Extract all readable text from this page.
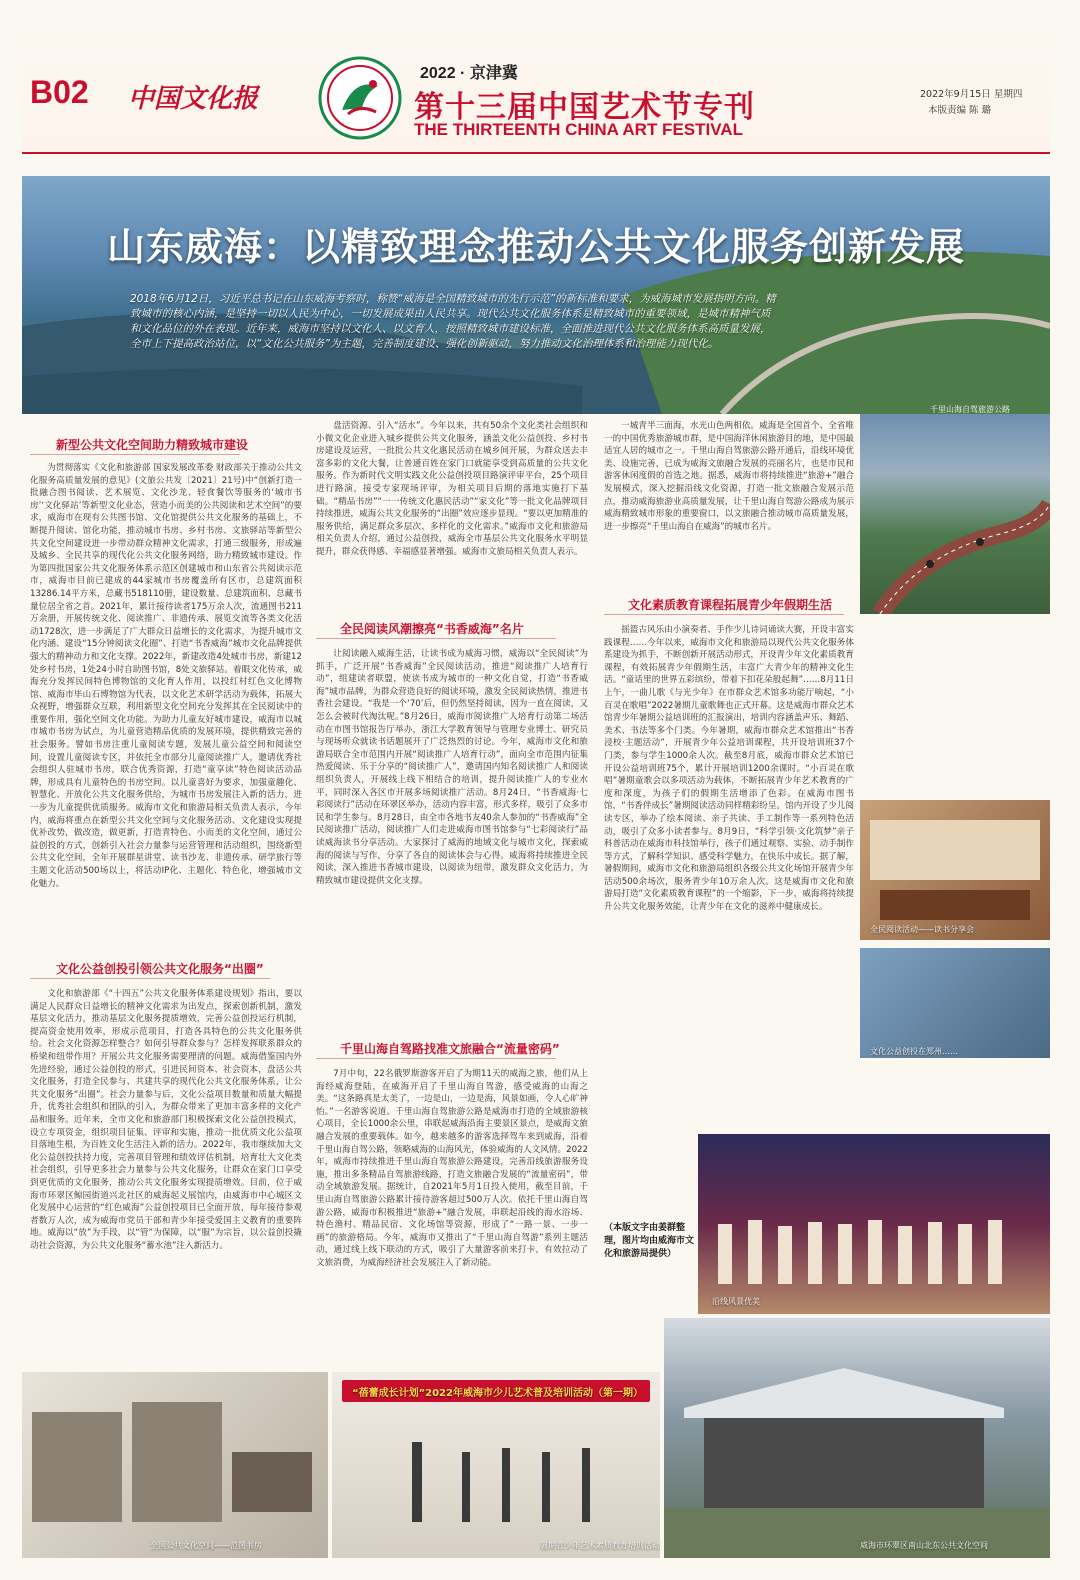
B02 中国文化报
2022 · 京津冀
第十三届中国艺术节专刊
THE THIRTEENTH CHINA ART FESTIVAL
2022年9月15日 星期四
本版责编 陈 璐
山东威海：以精致理念推动公共文化服务创新发展
2018年6月12日，习近平总书记在山东威海考察时，称赞“威海是全国精致城市的先行示范”的新标准和要求，为威海城市发展指明方向。精致城市的核心内涵，是坚持一切以人民为中心，一切发展成果由人民共享。现代公共文化服务体系是精致城市的重要领域，是城市精神气质和文化品位的外在表现。近年来，威海市坚持以文化人、以文育人，按照精致城市建设标准，全面推进现代公共文化服务体系高质量发展，全市上下提高政治站位，以“文化公共服务”为主题，完善制度建设、强化创新驱动，努力推动文化治理体系和治理能力现代化。
千里山海自驾旅游公路
新型公共文化空间助力精致城市建设

为贯彻落实《文化和旅游部 国家发展改革委 财政部关于推动公共文化服务高质量发展的意见》(文旅公共发〔2021〕21号)中“创新打造一批融合图书阅读、艺术展览、文化沙龙、轻食餐饮等服务的‘城市书房’‘文化驿站’等新型文化业态，营造小而美的公共阅读和艺术空间”的要求，威海市在现有公共图书馆、文化馆提供公共文化服务的基础上，不断提升阅读、馆化功能，推动城市书房、乡村书房、文旅驿站等新型公共文化空间建设进一步带动群众精神文化需求，打通三级服务，形成遍及城乡、全民共享的现代化公共文化服务网络，助力精致城市建设。作为第四批国家公共文化服务体系示范区创建城市和山东省公共阅读示范市，威海市目前已建成的44家城市书房覆盖所有区市，总建筑面积13286.14平方米，总藏书518110册，建设数量、总建筑面积、总藏书量位居全省之首。2021年，累计接待读者175万余人次，流通图书211万余册，开展传统文化、阅读推广、非遗传承、展览交流等各类文化活动1728次，进一步满足了广大群众日益增长的文化需求，为提升城市文化内涵、建设“15分钟阅读文化圈”、打造“书香威海”城市文化品牌提供强大的精神动力和文化支撑。2022年，新建改造4处城市书房，新建12处乡村书房，1处24小时自助图书馆，8处文旅驿站。着眼文化传承，威海充分发挥民间特色博物馆的文化育人作用，以投红村红色文化博物馆、威海市毕山石博物馆为代表，以文化艺术研学活动为载体，拓展大众视野，增强群众互联，利用新型文化空间充分发挥其在全民阅读中的重要作用，强化空间文化功能。为助力儿童友好城市建设，威海市以城市城市书房为试点，为儿童营造精品优质的发展环境，提供精致完善的社会服务。譬如书房注重儿童阅读专题，发展儿童公益空间和阅读空间，设置儿童阅读专区，并依托全市部分儿童阅读推广人，邀请优秀社会组织人驻城市书房，联合优秀资源，打造“童享读”特色阅读活动品牌，形成具有儿童特色的书房空间。以儿童喜好为要求，加强童趣化、智慧化、开放化公共文化服务供给，为城市书房发展注入新的活力，进一步为儿童提供优质服务。威海市文化和旅游局相关负责人表示，今年内，威海将重点在新型公共文化空间与文化服务活动、文化建设实现提优补改势，做改造，做更新，打造青特色、小而美的文化空间，通过公益创投的方式，创新引入社会力量参与运营管理和活动组织，围绕新型公共文化空间，全年开展群星讲堂、读书沙龙、非遗传承、研学旅行等主题文化活动500场以上，将活动IP化、主题化、特色化，增强城市文化魅力。

文化公益创投引领公共文化服务“出圈”

文化和旅游部《“十四五”公共文化服务体系建设规划》指出，要以满足人民群众日益增长的精神文化需求为出发点，探索创新机制，激发基层文化活力，推动基层文化服务提质增效，完善公益创投运行机制，提高资金使用效率，形成示范项目，打造各具特色的公共文化服务供给。社会文化资源怎样整合？如何引导群众参与？怎样发挥联系群众的桥梁和纽带作用？开展公共文化服务需要理清的问题。威海借鉴国内外先进经验，通过公益创投的形式，引进民间资本、社会资本，盘活公共文化服务，打造全民参与、共建共享的现代化公共文化服务体系，让公共文化服务“出圈”。社会力量参与后，文化公益项目数量和质量大幅提升，优秀社会组织和团队的引入，为群众带来了更加丰富多样的文化产品和服务。近年来，全市文化和旅游部门积极探索文化公益创投模式，设立专项资金，组织项目征集、评审和实施，推动一批优质文化公益项目落地生根，为百姓文化生活注入新的活力。2022年，我市继续加大文化公益创投扶持力度，完善项目管理和绩效评估机制，培育壮大文化类社会组织，引导更多社会力量参与公共文化服务，让群众在家门口享受到更优质的文化服务，推动公共文化服务实现提质增效。目前，位于威海市环翠区鲸园街道兴北社区的威海起义展馆内，由威海市中心城区文化发展中心运营的“红色威海”公益创投项目已全面开放，每年接待参观者数万人次，成为威海市党员干部和青少年接受爱国主义教育的重要阵地。威海以“放”为手段，以“管”为保障，以“服”为宗旨，以公益创投撬动社会资源，为公共文化服务“蓄水池”注入新活力。

盘活资源、引入“活水”。今年以来，共有50余个文化类社会组织和小微文化企业进入城乡提供公共文化服务，涵盖文化公益创投、乡村书房建设及运营，一批批公共文化惠民活动在城乡间开展，为群众送去丰富多彩的文化大餐，让普通百姓在家门口就能享受到高质量的公共文化服务。作为新时代文明实践文化公益创投项目路演评审平台，25个项目进行路演，接受专家现场评审，为相关项目后期的落地实施打下基础。“精品书房”“一一传统文化惠民活动”“家文化”等一批文化品牌项目持续推进，威海公共文化服务的“出圈”效应逐步显现。“要以更加精准的服务供给，满足群众多层次、多样化的文化需求。”威海市文化和旅游局相关负责人介绍，通过公益创投，威海全市基层公共文化服务水平明显提升，群众获得感、幸福感显著增强。威海市文旅局相关负责人表示。

全民阅读风潮擦亮“书香威海”名片

让阅读融入威海生活，让读书成为威海习惯，威海以“全民阅读”为抓手，广泛开展“书香威海”全民阅读活动，推进“阅读推广人培育行动”，组建读者联盟，使读书成为城市的一种文化自觉，打造“书香威海”城市品牌，为群众营造良好的阅读环境，激发全民阅读热情，推进书香社会建设。“我是一个‘70’后，但仍然坚持阅读，因为一直在阅读，又怎么会被时代淘汰呢。”8月26日，威海市阅读推广人培育行动第二场活动在市图书馆报告厅举办，浙江大学教育领导与管理专业博士、研究员与现场听众就读书话题展开了广泛热烈的讨论。今年，威海市文化和旅游局联合全市范围内开展“阅读推广人培育行动”，面向全市范围内征集热爱阅读、乐于分享的“阅读推广人”，邀请国内知名阅读推广人和阅读组织负责人，开展线上线下相结合的培训，提升阅读推广人的专业水平，同时深入各区市开展多场阅读推广活动。8月24日，“书香威海·七彩阅读行”活动在环翠区举办，活动内容丰富，形式多样，吸引了众多市民和学生参与。8月28日，由全市各地书友40余人参加的“书香威海”全民阅读推广活动，阅读推广人们走进威海市图书馆参与“七彩阅读行”品读威海读书分享活动。大家探讨了威海的地域文化与城市文化，探索威海的阅读与写作，分享了各自的阅读体会与心得。威海将持续推进全民阅读，深入推进书香城市建设，以阅读为纽带，激发群众文化活力，为精致城市建设提供文化支撑。

千里山海自驾路找准文旅融合“流量密码”

7月中旬，22名俄罗斯游客开启了为期11天的威海之旅，他们从上海经威海登陆，在威海开启了千里山海自驾游，感受威海的山海之美。“这条路真是太美了，一边是山，一边是海，风景如画，令人心旷神怡。”一名游客说道。千里山海自驾旅游公路是威海市打造的全域旅游核心项目，全长1000余公里，串联起威海沿海主要景区景点，是威海文旅融合发展的重要载体。如今，越来越多的游客选择驾车来到威海，沿着千里山海自驾公路，领略威海的山海风光，体验威海的人文风情。2022年，威海市持续推进千里山海自驾旅游公路建设，完善沿线旅游服务设施，推出多条精品自驾旅游线路，打造文旅融合发展的“流量密码”，带动全域旅游发展。据统计，自2021年5月1日投入使用，截至目前，千里山海自驾旅游公路累计接待游客超过500万人次。依托千里山海自驾游公路，威海市积极推进“旅游+”融合发展，串联起沿线的海水浴场、特色渔村、精品民宿、文化场馆等资源，形成了“一路一景、一步一画”的旅游格局。今年，威海市又推出了“千里山海自驾游”系列主题活动，通过线上线下联动的方式，吸引了大量游客前来打卡，有效拉动了文旅消费，为威海经济社会发展注入了新动能。

一城青半三面海，水光山色两相依。威海是全国首个、全省唯一的中国优秀旅游城市群，是中国海洋休闲旅游目的地，是中国最适宜人居的城市之一。千里山海自驾旅游公路开通后，沿线环境优美、设施完善，已成为威海文旅融合发展的亮丽名片，也是市民和游客休闲度假的首选之地。据悉，威海市将持续推进“旅游+”融合发展模式，深入挖掘沿线文化资源，打造一批文旅融合发展示范点，推动威海旅游业高质量发展，让千里山海自驾游公路成为展示威海精致城市形象的重要窗口，以文旅融合推动城市高质量发展，进一步擦亮“千里山海自在威海”的城市名片。

文化素质教育课程拓展青少年假期生活

摇篮古风乐由小演奏者、手作少儿诗词诵读大赛，开设丰富实践课程……今年以来，威海市文化和旅游局以现代公共文化服务体系建设为抓手，不断创新开展活动形式，开设青少年文化素质教育课程，有效拓展青少年假期生活，丰富广大青少年的精神文化生活。“童话里的世界五彩缤纷，带着下扣花朵般起舞”……8月11日上午，一曲儿歌《与光少年》在市群众艺术馆多功能厅响起，“小百灵在歌唱”2022暑期儿童歌舞也正式开幕。这是威海市群众艺术馆青少年暑期公益培训班的汇报演出，培训内容涵盖声乐、舞蹈、美术、书法等多个门类。今年暑期，威海市群众艺术馆推出“书香浸校·主题活动”，开展青少年公益培训课程，共开设培训班37个门类，参与学生1000余人次。截至8月底，威海市群众艺术馆已开设公益培训班75个，累计开展培训1200余课时。“小百灵在歌唱”暑期童歌会以多项活动为载体，不断拓展青少年艺术教育的广度和深度，为孩子们的假期生活增添了色彩。在威海市图书馆，“书香伴成长”暑期阅读活动同样精彩纷呈。馆内开设了少儿阅读专区，举办了绘本阅读、亲子共读、手工制作等一系列特色活动，吸引了众多小读者参与。8月9日，“科学引领·文化筑梦”亲子科普活动在威海市科技馆举行，孩子们通过观察、实验、动手制作等方式，了解科学知识、感受科学魅力，在快乐中成长。据了解，暑假期间，威海市文化和旅游局组织各级公共文化场馆开展青少年活动500余场次，服务青少年10万余人次。这是威海市文化和旅游局打造“文化素质教育课程”的一个缩影，下一步，威海将持续提升公共文化服务效能，让青少年在文化的滋养中健康成长。

（本版文字由姜群整理，图片均由威海市文化和旅游局提供）
全民阅读活动——读书分享会
文化公益创投在郑州……
沿线风景优美
全国公共文化空间——范图书房
“蓓蕾成长计划”2022年威海市少儿艺术普及培训活动（第一期）
暑期青少年艺术素质教育培训活动	威海市环翠区南山北东公共文化空间
